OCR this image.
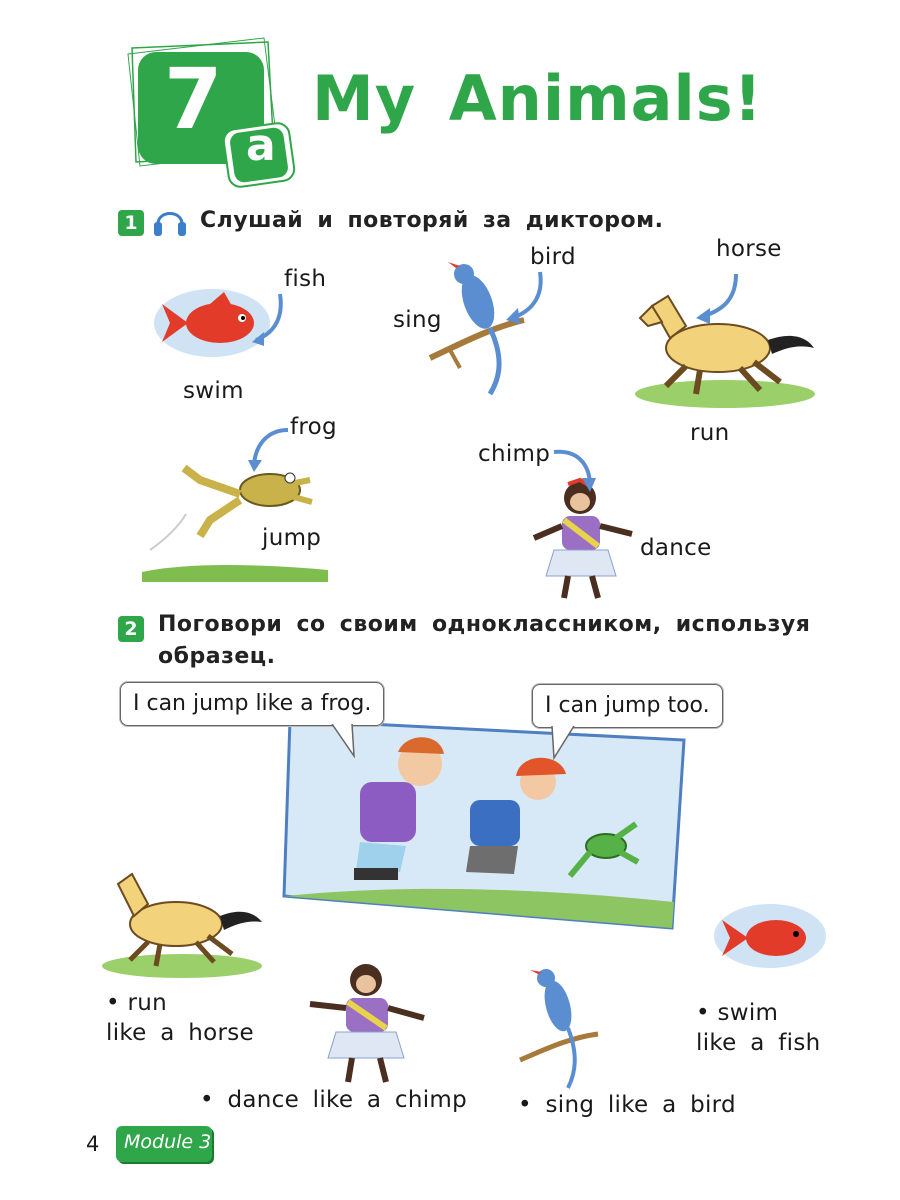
7 a
My Animals!
1	Слушай и повторяй за диктором.
fish
swim
bird
sing
horse
run
frog
jump
chimp
dance
2 Поговори со своим одноклассником, используя
образец.
I can jump like a frog.	I can jump too.
• run
like a horse
• dance like a chimp • sing like a bird
• swim
like a fish
4 Module 3
